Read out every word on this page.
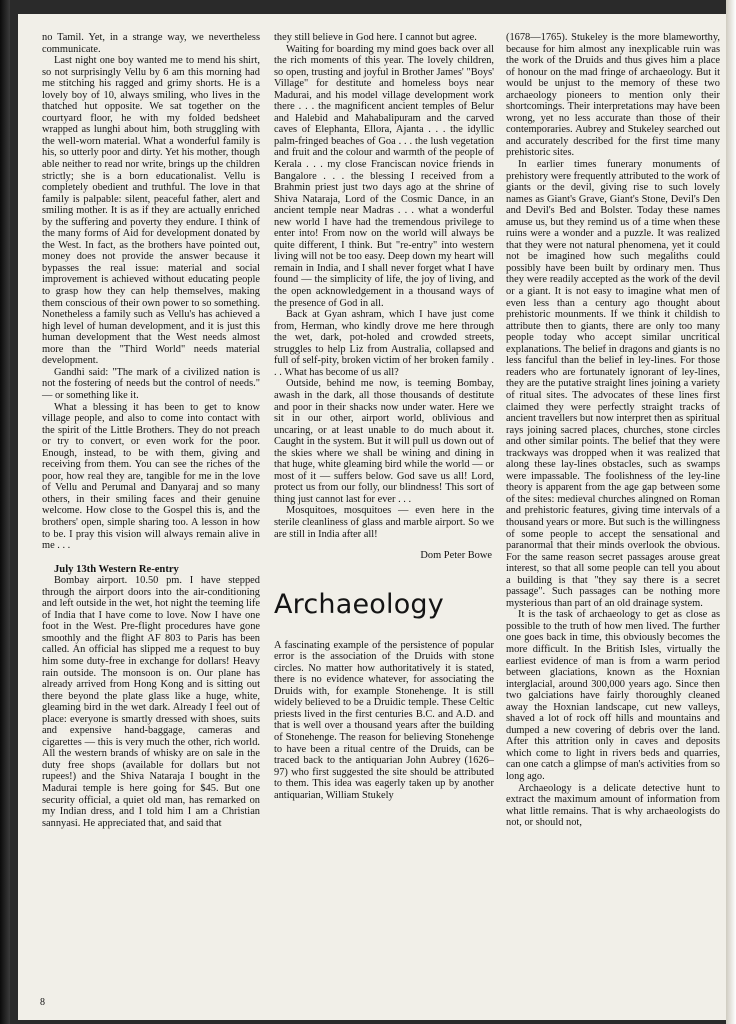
no Tamil. Yet, in a strange way, we nevertheless communicate.

Last night one boy wanted me to mend his shirt, so not surprisingly Vellu by 6 am this morning had me stitching his ragged and grimy shorts. He is a lovely boy of 10, always smiling, who lives in the thatched hut opposite. We sat together on the courtyard floor, he with my folded bedsheet wrapped as lunghi about him, both struggling with the well-worn material. What a wonderful family is his, so utterly poor and dirty. Yet his mother, though able neither to read nor write, brings up the children strictly; she is a born educationalist. Vellu is completely obedient and truthful. The love in that family is palpable: silent, peaceful father, alert and smiling mother. It is as if they are actually enriched by the suffering and poverty they endure. I think of the many forms of Aid for development donated by the West. In fact, as the brothers have pointed out, money does not provide the answer because it bypasses the real issue: material and social improvement is achieved without educating people to grasp how they can help themselves, making them conscious of their own power to so something. Nonetheless a family such as Vellu's has achieved a high level of human development, and it is just this human development that the West needs almost more than the "Third World" needs material development.

Gandhi said: "The mark of a civilized nation is not the fostering of needs but the control of needs." — or something like it.

What a blessing it has been to get to know village people, and also to come into contact with the spirit of the Little Brothers. They do not preach or try to convert, or even work for the poor. Enough, instead, to be with them, giving and receiving from them. You can see the riches of the poor, how real they are, tangible for me in the love of Vellu and Perumal and Danyaraj and so many others, in their smiling faces and their genuine welcome. How close to the Gospel this is, and the brothers' open, simple sharing too. A lesson in how to be. I pray this vision will always remain alive in me . . .

July 13th Western Re-entry

Bombay airport. 10.50 pm. I have stepped through the airport doors into the air-conditioning and left outside in the wet, hot night the teeming life of India that I have come to love. Now I have one foot in the West. Pre-flight procedures have gone smoothly and the flight AF 803 to Paris has been called. An official has slipped me a request to buy him some duty-free in exchange for dollars! Heavy rain outside. The monsoon is on. Our plane has already arrived from Hong Kong and is sitting out there beyond the plate glass like a huge, white, gleaming bird in the wet dark. Already I feel out of place: everyone is smartly dressed with shoes, suits and expensive hand-baggage, cameras and cigarettes — this is very much the other, rich world. All the western brands of whisky are on sale in the duty free shops (available for dollars but not rupees!) and the Shiva Nataraja I bought in the Madurai temple is here going for $45. But one security official, a quiet old man, has remarked on my Indian dress, and I told him I am a Christian sannyasi. He appreciated that, and said that

they still believe in God here. I cannot but agree.

Waiting for boarding my mind goes back over all the rich moments of this year. The lovely children, so open, trusting and joyful in Brother James' "Boys' Village" for destitute and homeless boys near Madurai, and his model village development work there . . . the magnificent ancient temples of Belur and Halebid and Mahabalipuram and the carved caves of Elephanta, Ellora, Ajanta . . . the idyllic palm-fringed beaches of Goa . . . the lush vegetation and fruit and the colour and warmth of the people of Kerala . . . my close Franciscan novice friends in Bangalore . . . the blessing I received from a Brahmin priest just two days ago at the shrine of Shiva Nataraja, Lord of the Cosmic Dance, in an ancient temple near Madras . . . what a wonderful new world I have had the tremendous privilege to enter into! From now on the world will always be quite different, I think. But "re-entry" into western living will not be too easy. Deep down my heart will remain in India, and I shall never forget what I have found — the simplicity of life, the joy of living, and the open acknowledgement in a thousand ways of the presence of God in all.

Back at Gyan ashram, which I have just come from, Herman, who kindly drove me here through the wet, dark, pot-holed and crowded streets, struggles to help Liz from Australia, collapsed and full of self-pity, broken victim of her broken family . . . What has become of us all?

Outside, behind me now, is teeming Bombay, awash in the dark, all those thousands of destitute and poor in their shacks now under water. Here we sit in our other, airport world, oblivious and uncaring, or at least unable to do much about it. Caught in the system. But it will pull us down out of the skies where we shall be wining and dining in that huge, white gleaming bird while the world — or most of it — suffers below. God save us all! Lord, protect us from our folly, our blindness! This sort of thing just cannot last for ever . . .

Mosquitoes, mosquitoes — even here in the sterile cleanliness of glass and marble airport. So we are still in India after all!

Dom Peter Bowe
Archaeology

A fascinating example of the persistence of popular error is the association of the Druids with stone circles. No matter how authoritatively it is stated, there is no evidence whatever, for associating the Druids with, for example Stonehenge. It is still widely believed to be a Druidic temple. These Celtic priests lived in the first centuries B.C. and A.D. and that is well over a thousand years after the building of Stonehenge. The reason for believing Stonehenge to have been a ritual centre of the Druids, can be traced back to the antiquarian John Aubrey (1626–97) who first suggested the site should be attributed to them. This idea was eagerly taken up by another antiquarian, William Stukely

(1678—1765). Stukeley is the more blameworthy, because for him almost any inexplicable ruin was the work of the Druids and thus gives him a place of honour on the mad fringe of archaeology. But it would be unjust to the memory of these two archaeology pioneers to mention only their shortcomings. Their interpretations may have been wrong, yet no less accurate than those of their contemporaries. Aubrey and Stukeley searched out and accurately described for the first time many prehistoric sites.

In earlier times funerary monuments of prehistory were frequently attributed to the work of giants or the devil, giving rise to such lovely names as Giant's Grave, Giant's Stone, Devil's Den and Devil's Bed and Bolster. Today these names amuse us, but they remind us of a time when these ruins were a wonder and a puzzle. It was realized that they were not natural phenomena, yet it could not be imagined how such megaliths could possibly have been built by ordinary men. Thus they were readily accepted as the work of the devil or a giant. It is not easy to imagine what men of even less than a century ago thought about prehistoric mounments. If we think it childish to attribute then to giants, there are only too many people today who accept similar uncritical explanations. The belief in dragons and giants is no less fanciful than the belief in ley-lines. For those readers who are fortunately ignorant of ley-lines, they are the putative straight lines joining a variety of ritual sites. The advocates of these lines first claimed they were perfectly straight tracks of ancient travellers but now interpret then as spiritual rays joining sacred places, churches, stone circles and other similar points. The belief that they were trackways was dropped when it was realized that along these lay-lines obstacles, such as swamps were impassable. The foolishness of the ley-line theory is apparent from the age gap between some of the sites: medieval churches alingned on Roman and prehistoric features, giving time intervals of a thousand years or more. But such is the willingness of some people to accept the sensational and paranormal that their minds overlook the obvious. For the same reason secret passages arouse great interest, so that all some people can tell you about a building is that "they say there is a secret passage". Such passages can be nothing more mysterious than part of an old drainage system.

It is the task of archaeology to get as close as possible to the truth of how men lived. The further one goes back in time, this obviously becomes the more difficult. In the British Isles, virtually the earliest evidence of man is from a warm period between glaciations, known as the Hoxnian interglacial, around 300,000 years ago. Since then two galciations have fairly thoroughly cleaned away the Hoxnian landscape, cut new valleys, shaved a lot of rock off hills and mountains and dumped a new covering of debris over the land. After this attrition only in caves and deposits which come to light in rivers beds and quarries, can one catch a glimpse of man's activities from so long ago.

Archaeology is a delicate detective hunt to extract the maximum amount of information from what little remains. That is why archaeologists do not, or should not,

8
